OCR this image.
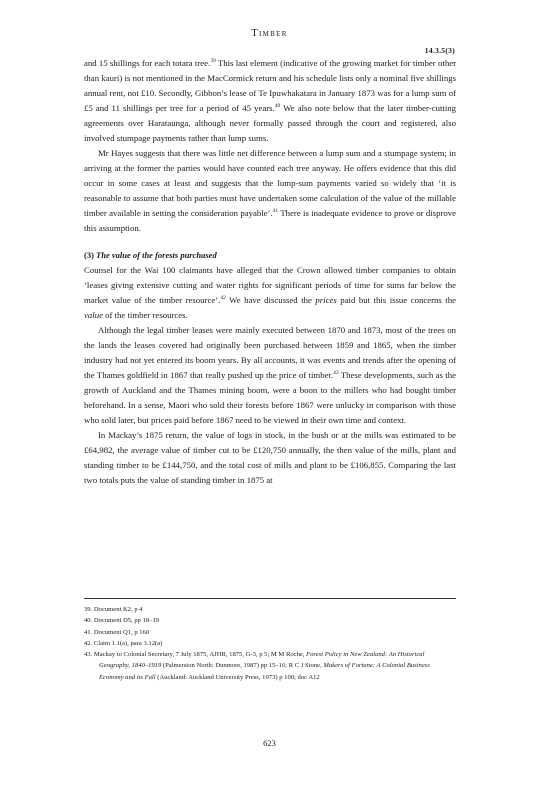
Timber
14.3.5(3)

and 15 shillings for each totara tree.$^{39}$ This last element (indicative of the growing market for timber other than kauri) is not mentioned in the MacCormick return and his schedule lists only a nominal five shillings annual rent, not £10. Secondly, Gibbon’s lease of Te Ipuwhakatara in January 1873 was for a lump sum of £5 and 11 shillings per tree for a period of 45 years.$^{40}$ We also note below that the later timber-cutting agreements over Harataunga, although never formally passed through the court and registered, also involved stumpage payments rather than lump sums.

Mr Hayes suggests that there was little net difference between a lump sum and a stumpage system; in arriving at the former the parties would have counted each tree anyway. He offers evidence that this did occur in some cases at least and suggests that the lump-sum payments varied so widely that ‘it is reasonable to assume that both parties must have undertaken some calculation of the value of the millable timber available in setting the consideration payable’.$^{41}$ There is inadequate evidence to prove or disprove this assumption.

(3) The value of the forests purchased

Counsel for the Wai 100 claimants have alleged that the Crown allowed timber companies to obtain ‘leases giving extensive cutting and water rights for significant periods of time for sums far below the market value of the timber resource’.$^{42}$ We have discussed the prices paid but this issue concerns the value of the timber resources.

Although the legal timber leases were mainly executed between 1870 and 1873, most of the trees on the lands the leases covered had originally been purchased between 1859 and 1865, when the timber industry had not yet entered its boom years. By all accounts, it was events and trends after the opening of the Thames goldfield in 1867 that really pushed up the price of timber.$^{43}$ These developments, such as the growth of Auckland and the Thames mining boom, were a boon to the millers who had bought timber beforehand. In a sense, Maori who sold their forests before 1867 were unlucky in comparison with those who sold later, but prices paid before 1867 need to be viewed in their own time and context.

In Mackay’s 1875 return, the value of logs in stock, in the bush or at the mills was estimated to be £64,982, the average value of timber cut to be £120,750 annually, the then value of the mills, plant and standing timber to be £144,750, and the total cost of mills and plant to be £106,855. Comparing the last two totals puts the value of standing timber in 1875 at

39. Document K2, p 4
40. Document D5, pp 18–19
41. Document Q1, p 160
42. Claim 1.1(a), para 3.12(a)
43. Mackay to Colonial Secretary, 7 July 1875, AJHR, 1875, G-3, p 5; M M Roche, Forest Policy in New Zealand: An Historical Geography, 1840–1919 (Palmerston North: Dunmore, 1987) pp 15–16; R C J Stone, Makers of Fortune: A Colonial Business Economy and its Fall (Auckland: Auckland University Press, 1973) p 100; doc A12
623
